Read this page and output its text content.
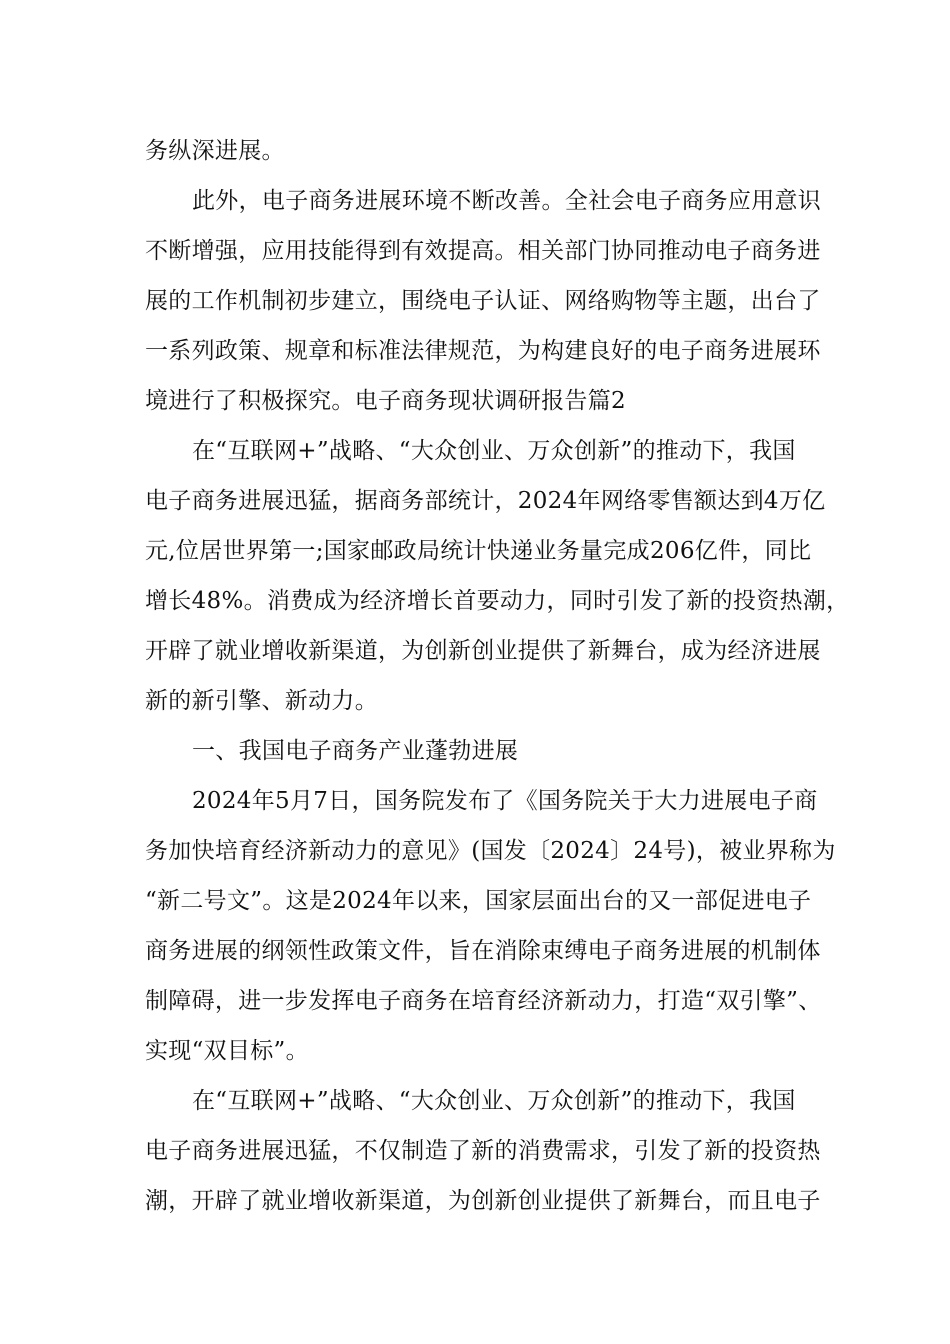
务纵深进展。
此外，电子商务进展环境不断改善。全社会电子商务应用意识
不断增强，应用技能得到有效提高。相关部门协同推动电子商务进
展的工作机制初步建立，围绕电子认证、网络购物等主题，出台了
一系列政策、规章和标准法律规范，为构建良好的电子商务进展环
境进行了积极探究。电子商务现状调研报告篇2
在“互联网+”战略、“大众创业、万众创新”的推动下，我国
电子商务进展迅猛，据商务部统计，2024年网络零售额达到4万亿
元,位居世界第一;国家邮政局统计快递业务量完成206亿件，同比
增长48%。消费成为经济增长首要动力，同时引发了新的投资热潮，
开辟了就业增收新渠道，为创新创业提供了新舞台，成为经济进展
新的新引擎、新动力。
一、我国电子商务产业蓬勃进展
2024年5月7日，国务院发布了《国务院关于大力进展电子商
务加快培育经济新动力的意见》(国发〔2024〕24号)，被业界称为
“新二号文”。这是2024年以来，国家层面出台的又一部促进电子
商务进展的纲领性政策文件，旨在消除束缚电子商务进展的机制体
制障碍，进一步发挥电子商务在培育经济新动力，打造“双引擎”、
实现“双目标”。
在“互联网+”战略、“大众创业、万众创新”的推动下，我国
电子商务进展迅猛，不仅制造了新的消费需求，引发了新的投资热
潮，开辟了就业增收新渠道，为创新创业提供了新舞台，而且电子
